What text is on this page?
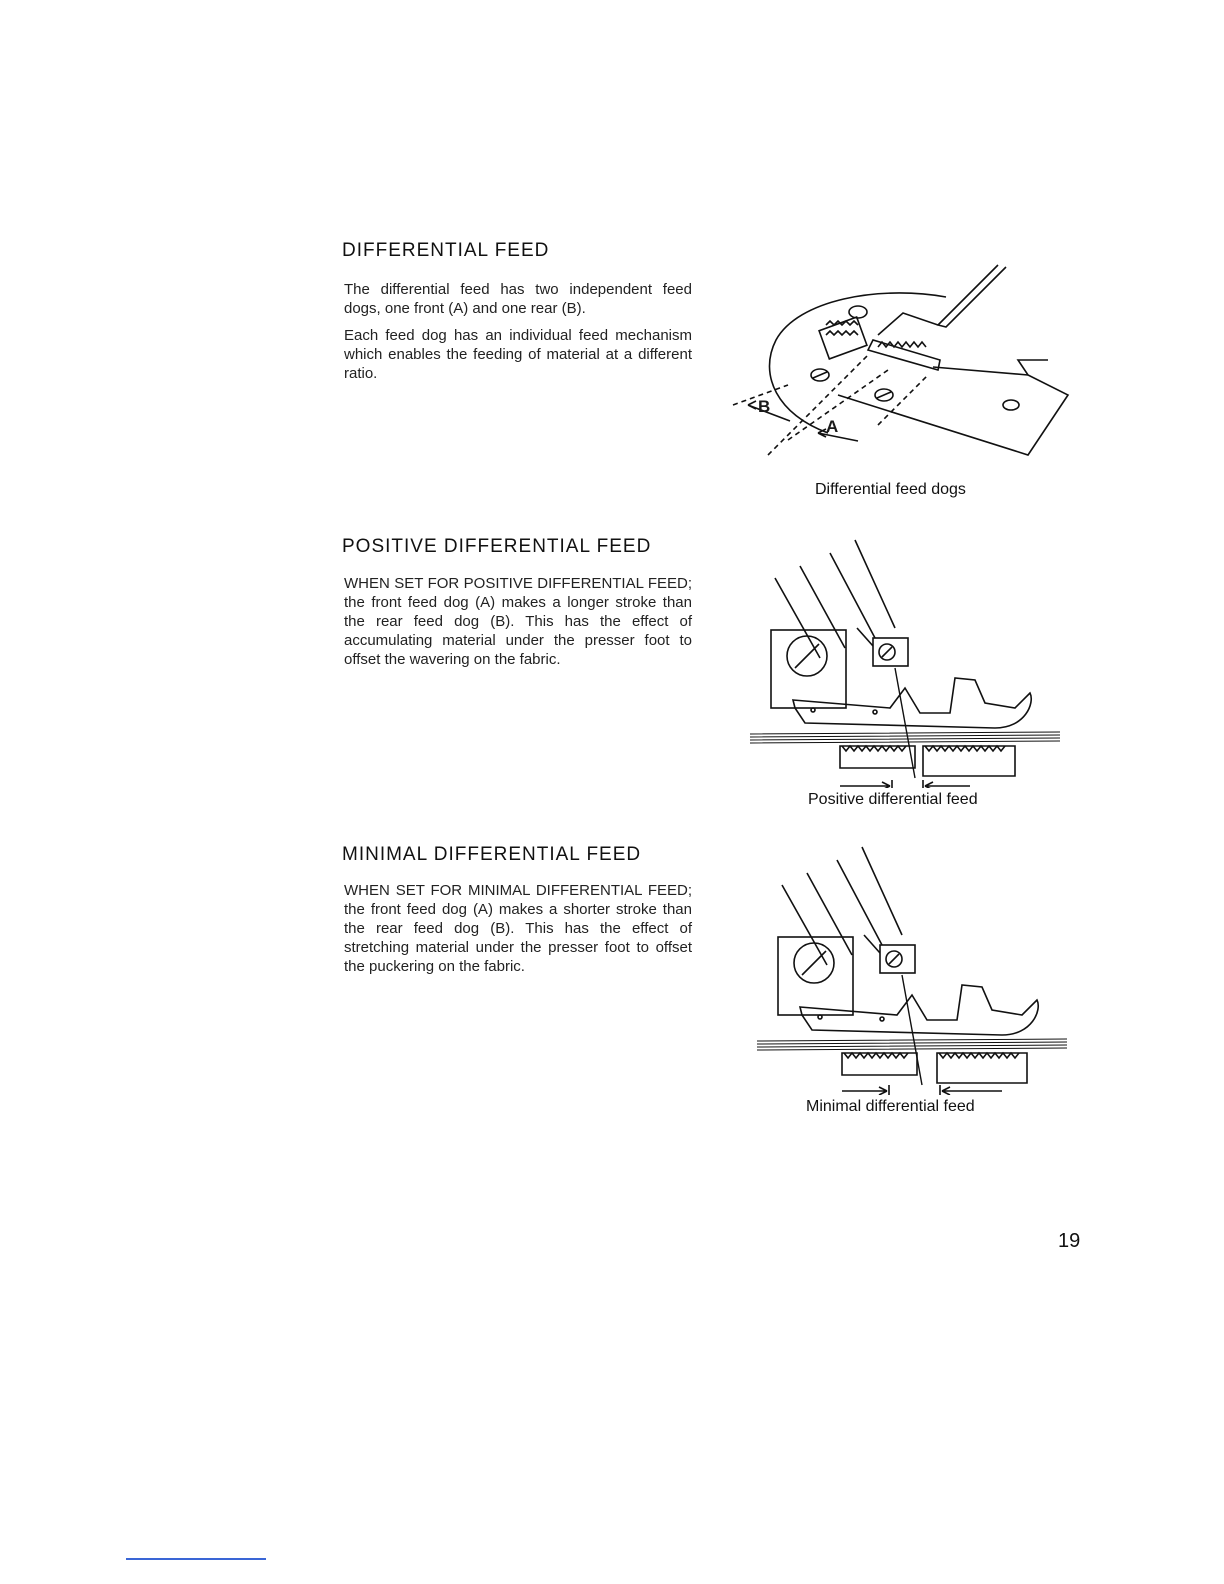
DIFFERENTIAL FEED

The differential feed has two independent feed dogs, one front (A) and one rear (B).

Each feed dog has an individual feed mechanism which enables the feeding of material at a different ratio.

B
A
Differential feed dogs
POSITIVE DIFFERENTIAL FEED

WHEN SET FOR POSITIVE DIFFERENTIAL FEED; the front feed dog (A) makes a longer stroke than the rear feed dog (B). This has the effect of accumulating material under the presser foot to offset the wavering on the fabric.

Positive differential feed
MINIMAL DIFFERENTIAL FEED

WHEN SET FOR MINIMAL DIFFERENTIAL FEED; the front feed dog (A) makes a shorter stroke than the rear feed dog (B). This has the effect of stretching material under the presser foot to offset the puckering on the fabric.

Minimal differential feed
19
